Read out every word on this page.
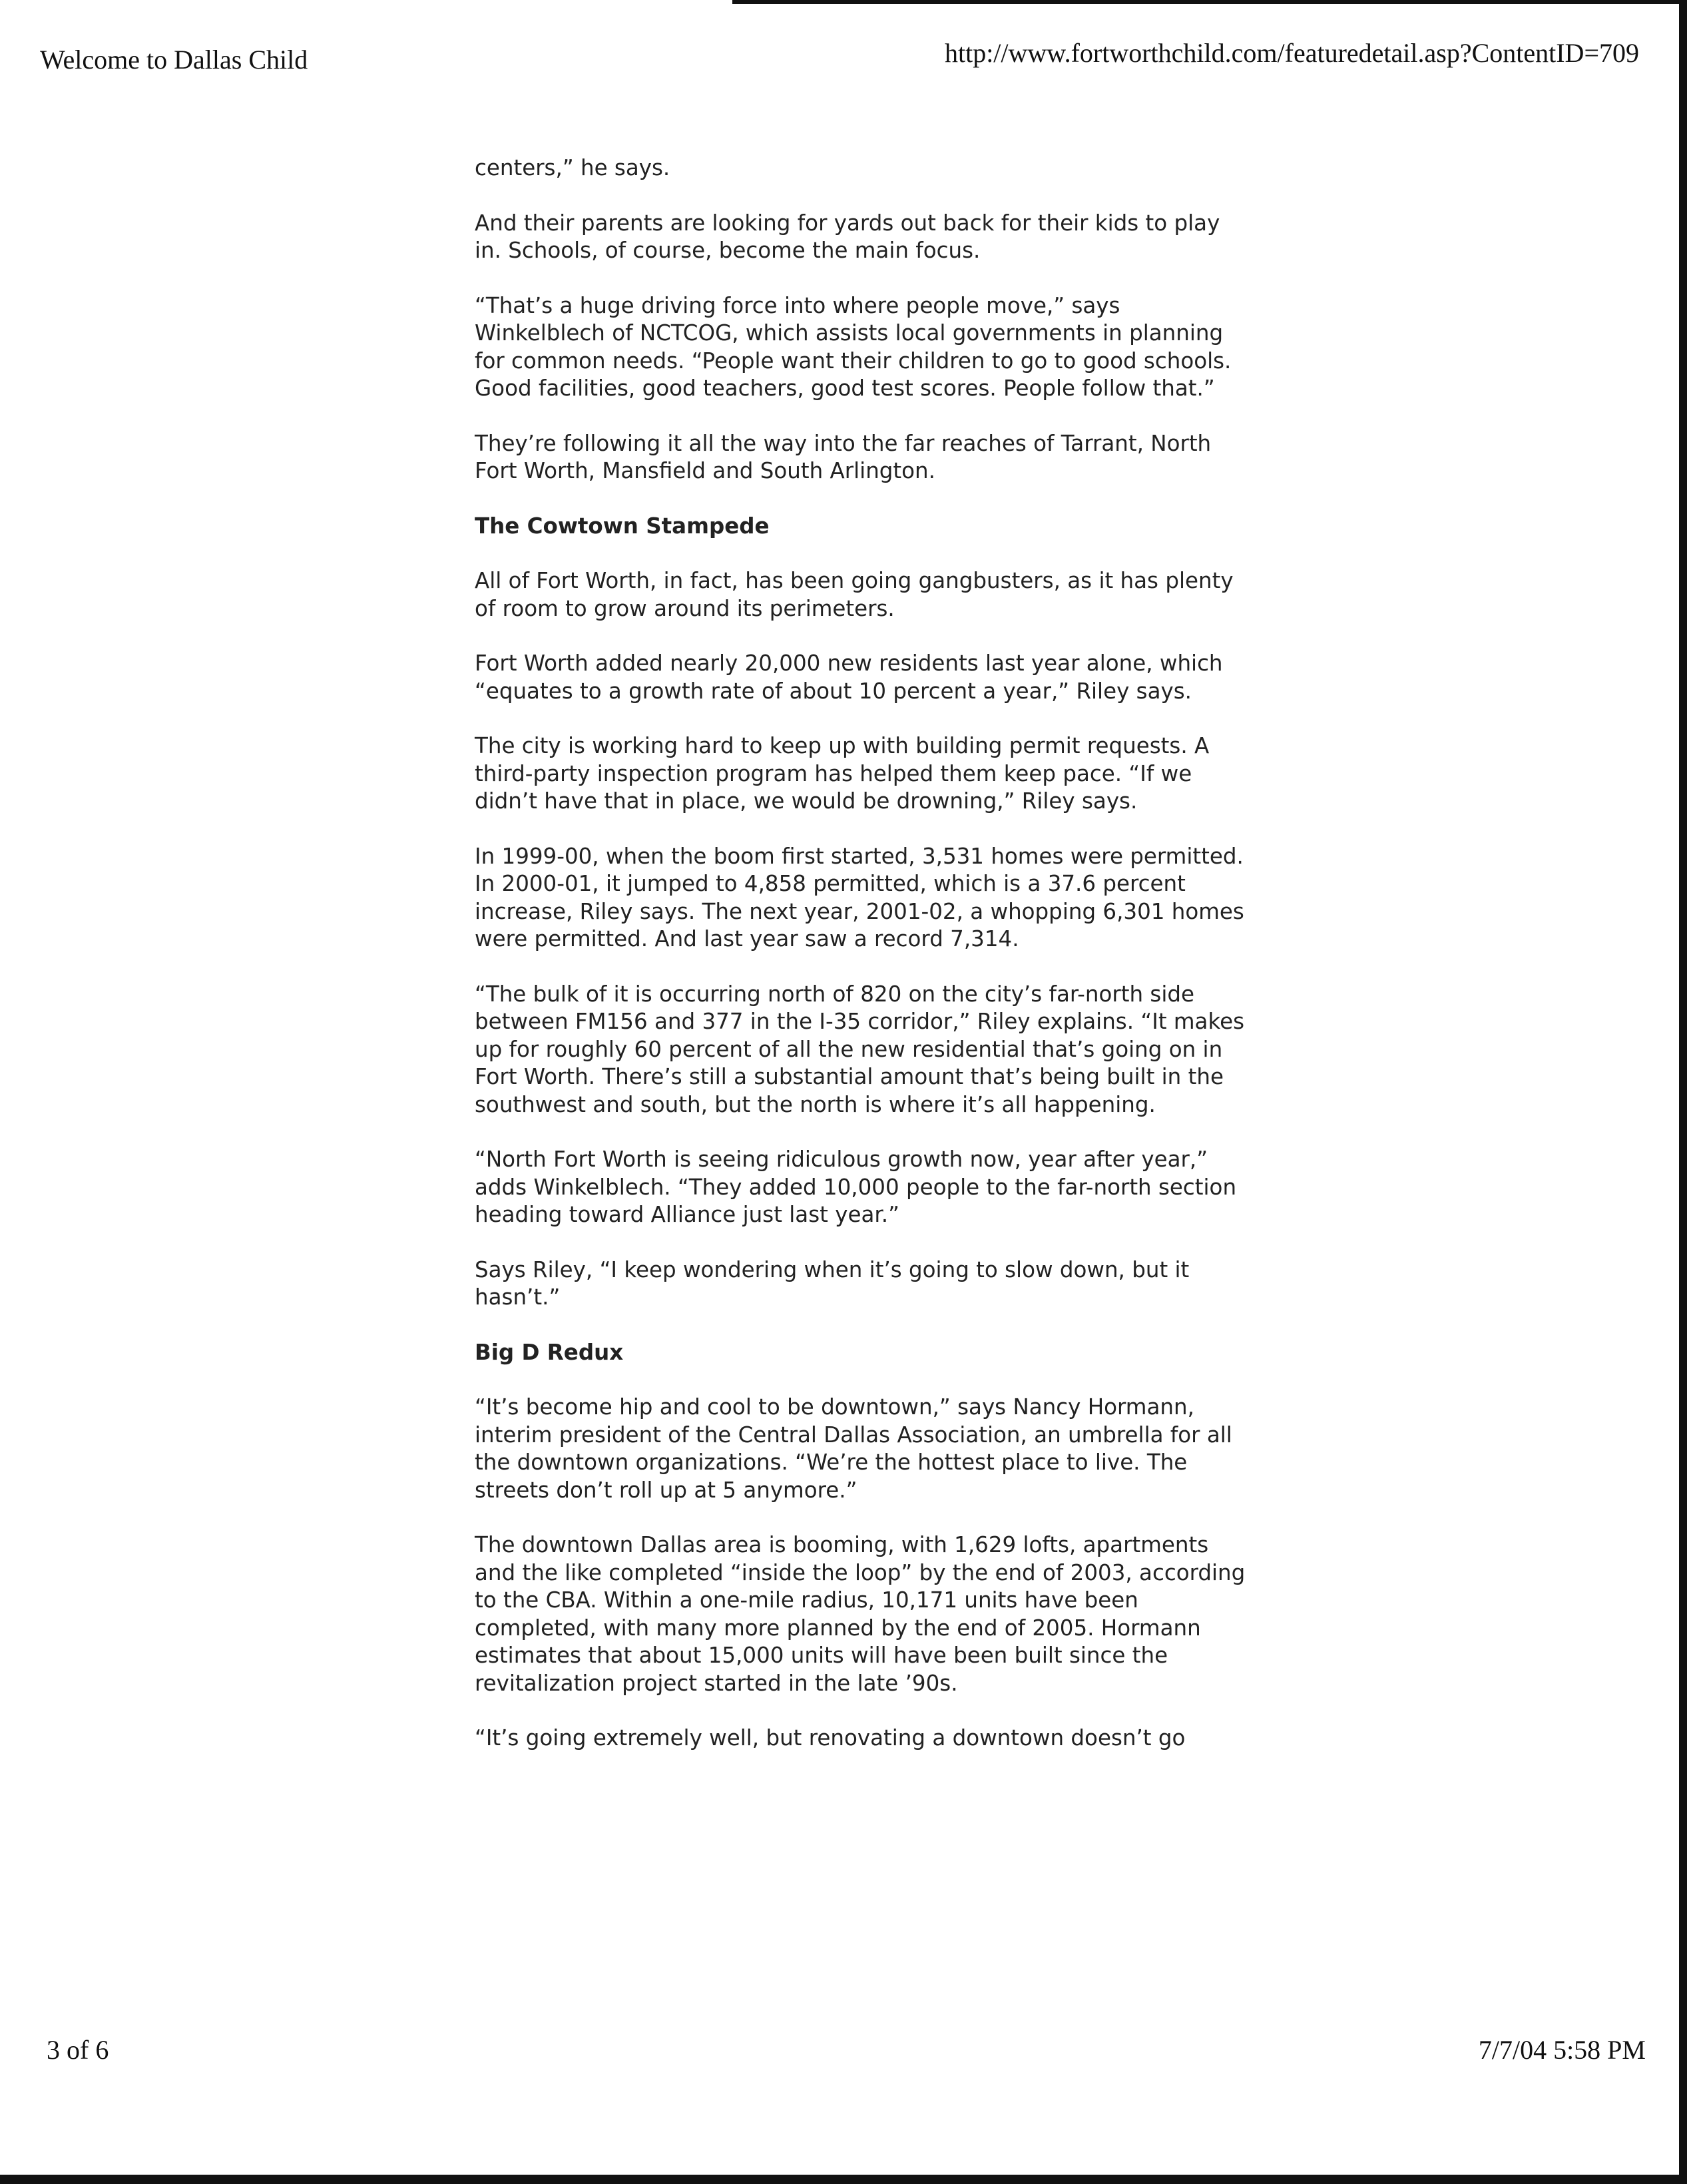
Welcome to Dallas Child	http://www.fortworthchild.com/featuredetail.asp?ContentID=709

centers,” he says.

And their parents are looking for yards out back for their kids to play in. Schools, of course, become the main focus.

“That’s a huge driving force into where people move,” says Winkelblech of NCTCOG, which assists local governments in planning for common needs. “People want their children to go to good schools. Good facilities, good teachers, good test scores. People follow that.”

They’re following it all the way into the far reaches of Tarrant, North Fort Worth, Mansfield and South Arlington.

The Cowtown Stampede

All of Fort Worth, in fact, has been going gangbusters, as it has plenty of room to grow around its perimeters.

Fort Worth added nearly 20,000 new residents last year alone, which “equates to a growth rate of about 10 percent a year,” Riley says.

The city is working hard to keep up with building permit requests. A third-party inspection program has helped them keep pace. “If we didn’t have that in place, we would be drowning,” Riley says.

In 1999-00, when the boom first started, 3,531 homes were permitted. In 2000-01, it jumped to 4,858 permitted, which is a 37.6 percent increase, Riley says. The next year, 2001-02, a whopping 6,301 homes were permitted. And last year saw a record 7,314.

“The bulk of it is occurring north of 820 on the city’s far-north side between FM156 and 377 in the I-35 corridor,” Riley explains. “It makes up for roughly 60 percent of all the new residential that’s going on in Fort Worth. There’s still a substantial amount that’s being built in the southwest and south, but the north is where it’s all happening.

“North Fort Worth is seeing ridiculous growth now, year after year,” adds Winkelblech. “They added 10,000 people to the far-north section heading toward Alliance just last year.”

Says Riley, “I keep wondering when it’s going to slow down, but it hasn’t.”

Big D Redux

“It’s become hip and cool to be downtown,” says Nancy Hormann, interim president of the Central Dallas Association, an umbrella for all the downtown organizations. “We’re the hottest place to live. The streets don’t roll up at 5 anymore.”

The downtown Dallas area is booming, with 1,629 lofts, apartments and the like completed “inside the loop” by the end of 2003, according to the CBA. Within a one-mile radius, 10,171 units have been completed, with many more planned by the end of 2005. Hormann estimates that about 15,000 units will have been built since the revitalization project started in the late ’90s.

“It’s going extremely well, but renovating a downtown doesn’t go

3 of 6	7/7/04 5:58 PM
